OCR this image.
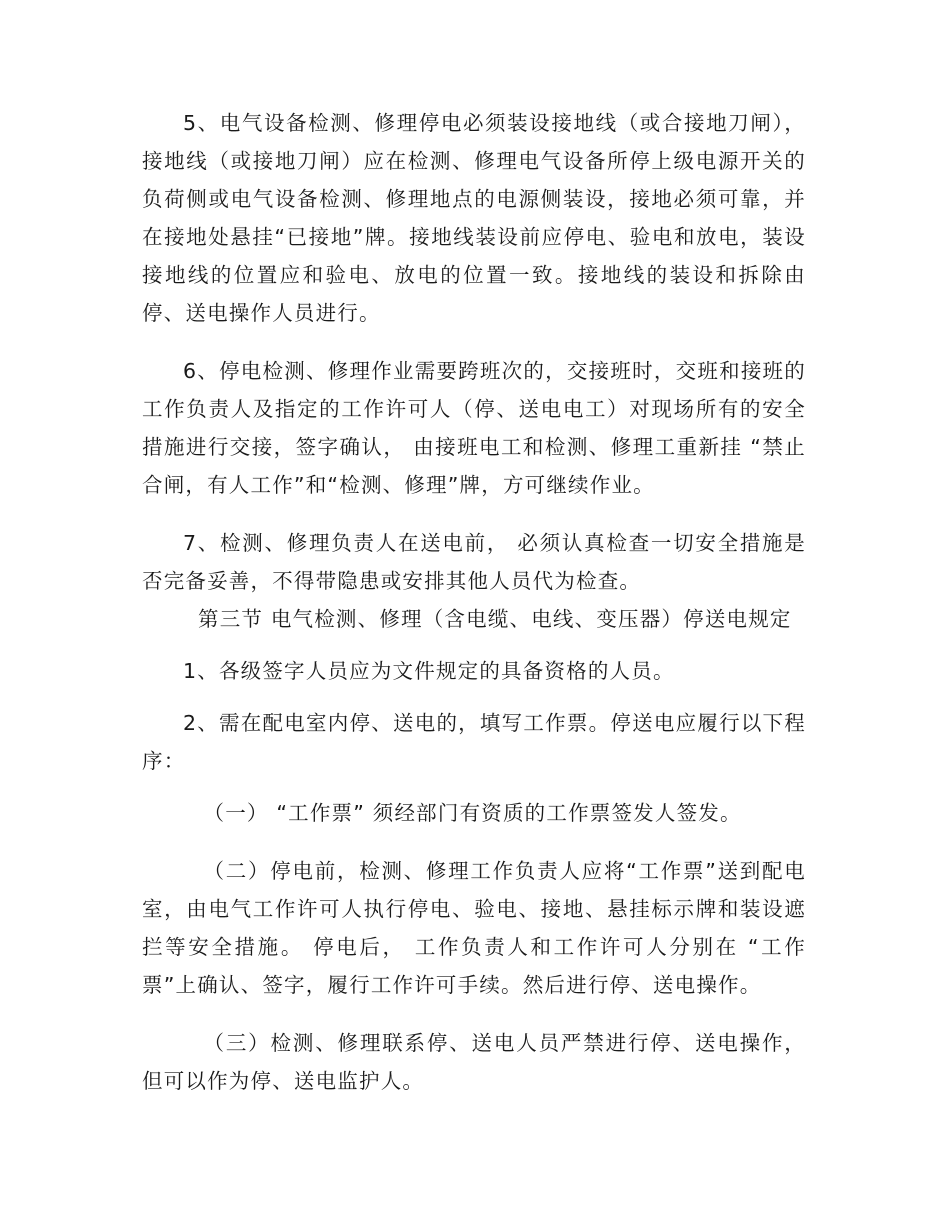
5、电气设备检测、修理停电必须装设接地线（或合接地刀闸），接地线（或接地刀闸）应在检测、修理电气设备所停上级电源开关的负荷侧或电气设备检测、修理地点的电源侧装设，接地必须可靠，并在接地处悬挂“已接地”牌。接地线装设前应停电、验电和放电，装设接地线的位置应和验电、放电的位置一致。接地线的装设和拆除由停、送电操作人员进行。

6、停电检测、修理作业需要跨班次的，交接班时，交班和接班的工作负责人及指定的工作许可人（停、送电电工）对现场所有的安全措施进行交接，签字确认， 由接班电工和检测、修理工重新挂 “禁止合闸，有人工作”和“检测、修理”牌，方可继续作业。

7、检测、修理负责人在送电前， 必须认真检查一切安全措施是否完备妥善，不得带隐患或安排其他人员代为检查。

第三节 电气检测、修理（含电缆、电线、变压器）停送电规定

1、各级签字人员应为文件规定的具备资格的人员。

2、需在配电室内停、送电的，填写工作票。停送电应履行以下程序：

（一） “工作票” 须经部门有资质的工作票签发人签发。

（二）停电前，检测、修理工作负责人应将“工作票”送到配电室，由电气工作许可人执行停电、验电、接地、悬挂标示牌和装设遮拦等安全措施。 停电后， 工作负责人和工作许可人分别在 “工作票”上确认、签字，履行工作许可手续。然后进行停、送电操作。

（三）检测、修理联系停、送电人员严禁进行停、送电操作，但可以作为停、送电监护人。
